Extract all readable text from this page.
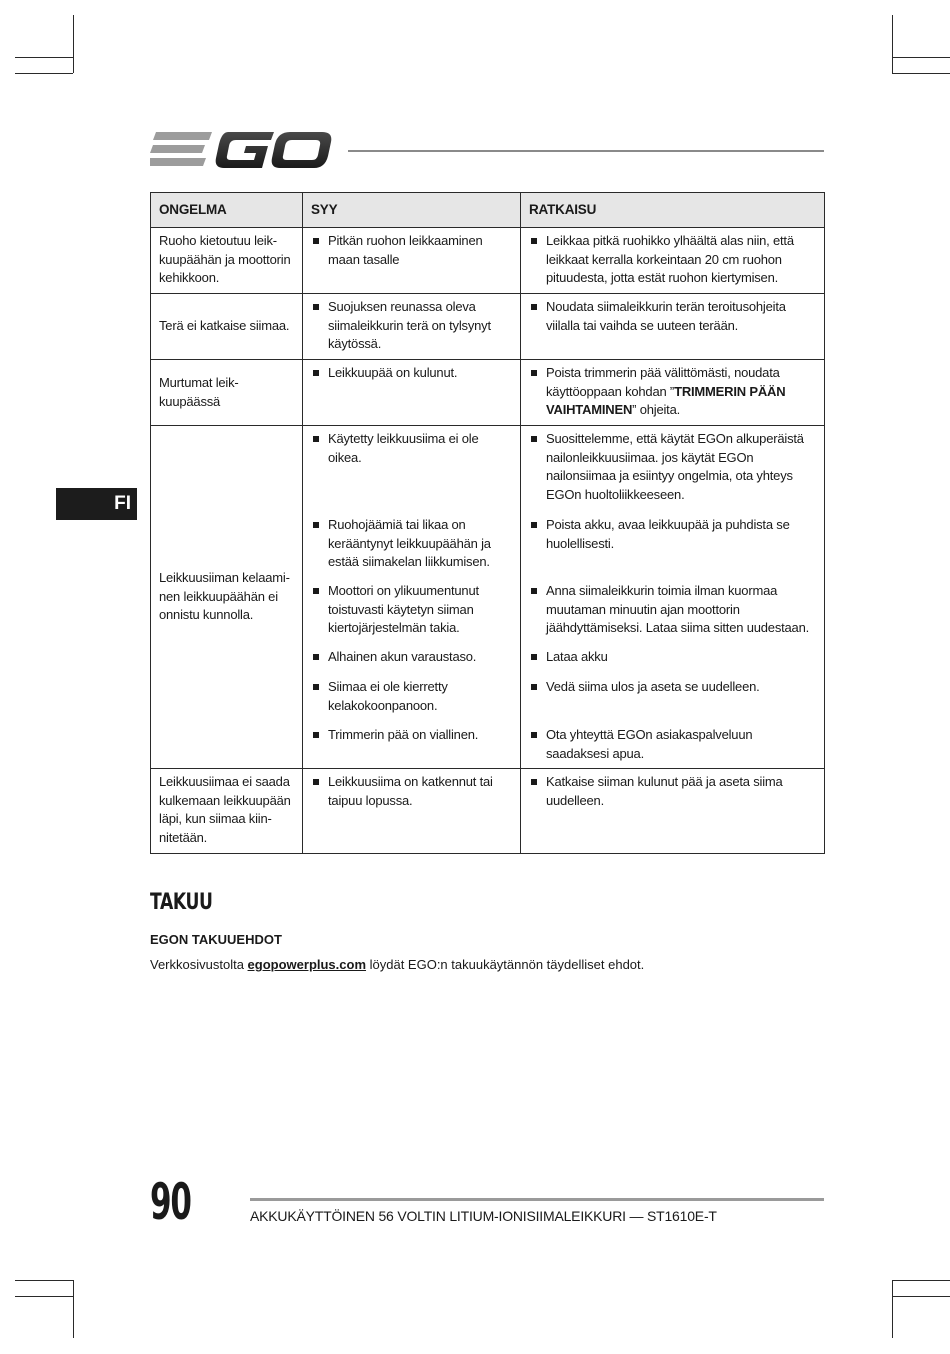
FI
ONGELMA	SYY	RATKAISU
Ruoho kietoutuu leik-kuupäähän ja moottorin kehikkoon.	Pitkän ruohon leikkaaminen maan tasalle	Leikkaa pitkä ruohikko ylhäältä alas niin, että leikkaat kerralla korkeintaan 20 cm ruohon pituudesta, jotta estät ruohon kiertymisen.

Terä ei katkaise siimaa.	Suojuksen reunassa oleva siimaleikkurin terä on tylsynyt käytössä.	Noudata siimaleikkurin terän teroitusohjeita viilalla tai vaihda se uuteen terään.

Murtumat leik-kuupäässä	Leikkuupää on kulunut.	Poista trimmerin pää välittömästi, noudata käyttöoppaan kohdan ”TRIMMERIN PÄÄN VAIHTAMINEN” ohjeita.

Leikkuusiiman kelaami-nen leikkuupäähän ei onnistu kunnolla.	Käytetty leikkuusiima ei ole oikea.	Suosittelemme, että käytät EGOn alkuperäistä nailonleikkuusiimaa. jos käytät EGOn nailonsiimaa ja esiintyy ongelmia, ota yhteys EGOn huoltoliikkeeseen.

	Ruohojäämiä tai likaa on kerääntynyt leikkuupäähän ja estää siimakelan liikkumisen.	Poista akku, avaa leikkuupää ja puhdista se huolellisesti.

	Moottori on ylikuumentunut toistuvasti käytetyn siiman kiertojärjestelmän takia.	Anna siimaleikkurin toimia ilman kuormaa muutaman minuutin ajan moottorin jäähdyttämiseksi. Lataa siima sitten uudestaan.

	Alhainen akun varaustaso.	Lataa akku

	Siimaa ei ole kierretty kelakokoonpanoon.	Vedä siima ulos ja aseta se uudelleen.

	Trimmerin pää on viallinen.	Ota yhteyttä EGOn asiakaspalveluun saadaksesi apua.

Leikkuusiimaa ei saada kulkemaan leikkuupään läpi, kun siimaa kiin-nitetään.	Leikkuusiima on katkennut tai taipuu lopussa.	Katkaise siiman kulunut pää ja aseta siima uudelleen.
TAKUU
EGON TAKUUEHDOT

Verkkosivustolta egopowerplus.com löydät EGO:n takuukäytännön täydelliset ehdot.

90	AKKUKÄYTTÖINEN 56 VOLTIN LITIUM-IONISIIMALEIKKURI — ST1610E-T
